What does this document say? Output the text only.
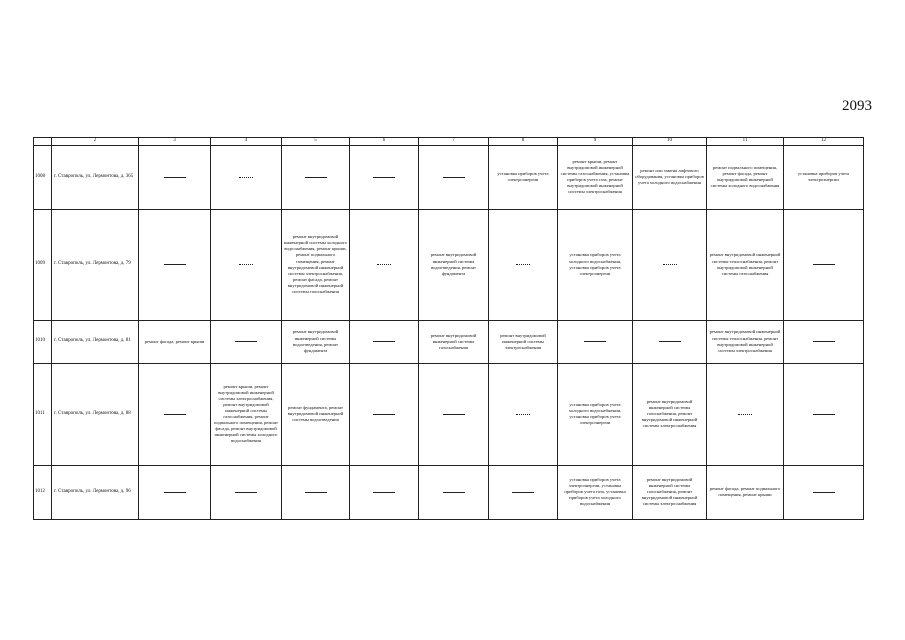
2093
	2	3	4	5	6	7	8	9	10	11	12
1008	г. Ставрополь, ул. Лермонтова, д. 365						установка приборов учета электроэнергии	ремонт крыши, ремонт внутридомовой инженерной системы газоснабжения, установка приборов учета газа, ремонт внутридомовой инженерной системы электроснабжения	ремонт или замена лифтового оборудования, установка приборов учета холодного водоснабжения	ремонт подвального помещения, ремонт фасада, ремонт внутридомовой инженерной системы холодного водоснабжения	установка приборов учета электроэнергии
1009	г. Ставрополь, ул. Лермонтова, д. 79			ремонт внутридомовой инженерной системы холодного водоснабжения, ремонт крыши, ремонт подвального помещения, ремонт внутридомовой инженерной системы электроснабжения, ремонт фасада, ремонт внутридомовой инженерной системы газоснабжения		ремонт внутридомовой инженерной системы водоотведения, ремонт фундамента		установка приборов учета холодного водоснабжения, установка приборов учета электроэнергии		ремонт внутридомовой инженерной системы теплоснабжения, ремонт внутридомовой инженерной системы газоснабжения	
1010	г. Ставрополь, ул. Лермонтова, д. 81	ремонт фасада, ремонт крыши		ремонт внутридомовой инженерной системы водоотведения, ремонт фундамента		ремонт внутридомовой инженерной системы газоснабжения	ремонт внутридомовой инженерной системы электроснабжения			ремонт внутридомовой инженерной системы теплоснабжения, ремонт внутридомовой инженерной системы электроснабжения	
1011	г. Ставрополь, ул. Лермонтова, д. 88		ремонт крыши, ремонт внутридомовой инженерной системы электроснабжения, ремонт внутридомовой инженерной системы газоснабжения, ремонт подвального помещения, ремонт фасада, ремонт внутридомовой инженерной системы холодного водоснабжения	ремонт фундамента, ремонт внутридомовой инженерной системы водоотведения				установка приборов учета холодного водоснабжения, установка приборов учета электроэнергии	ремонт внутридомовой инженерной системы газоснабжения, ремонт внутридомовой инженерной системы электроснабжения		
1012	г. Ставрополь, ул. Лермонтова, д. 96							установка приборов учета электроэнергии, установка приборов учета газа, установка приборов учета холодного водоснабжения	ремонт внутридомовой инженерной системы газоснабжения, ремонт внутридомовой инженерной системы электроснабжения	ремонт фасада, ремонт подвального помещения, ремонт крыши	
